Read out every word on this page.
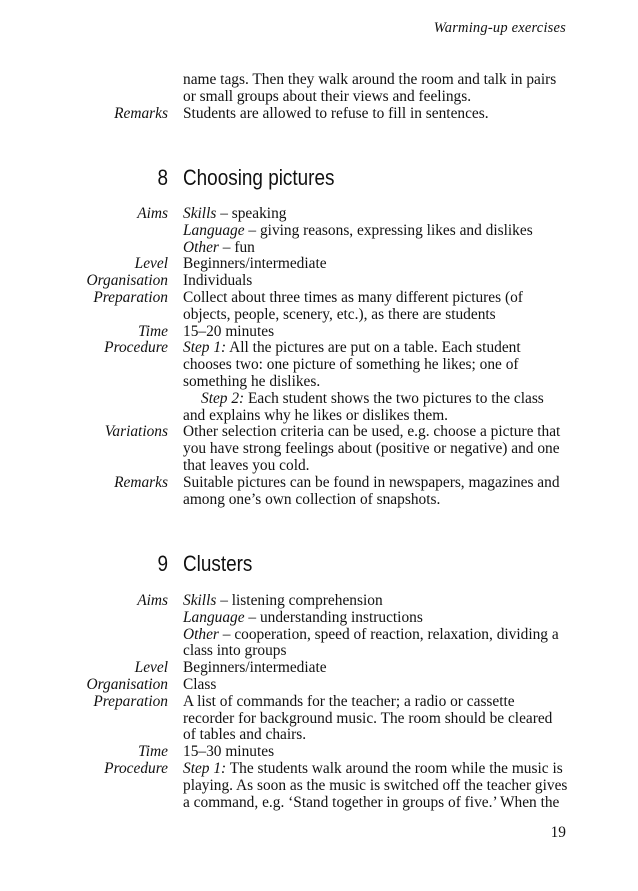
Warming-up exercises
name tags. Then they walk around the room and talk in pairs
or small groups about their views and feelings.
Remarks Students are allowed to refuse to fill in sentences.
8 Choosing pictures
Aims Skills – speaking
Language – giving reasons, expressing likes and dislikes
Other – fun
Level Beginners/intermediate
Organisation Individuals
Preparation Collect about three times as many different pictures (of
objects, people, scenery, etc.), as there are students
Time 15–20 minutes
Procedure Step 1: All the pictures are put on a table. Each student
chooses two: one picture of something he likes; one of
something he dislikes.
Step 2: Each student shows the two pictures to the class
and explains why he likes or dislikes them.
Variations Other selection criteria can be used, e.g. choose a picture that
you have strong feelings about (positive or negative) and one
that leaves you cold.
Remarks Suitable pictures can be found in newspapers, magazines and
among one’s own collection of snapshots.
9 Clusters
Aims Skills – listening comprehension
Language – understanding instructions
Other – cooperation, speed of reaction, relaxation, dividing a
class into groups
Level Beginners/intermediate
Organisation Class
Preparation A list of commands for the teacher; a radio or cassette
recorder for background music. The room should be cleared
of tables and chairs.
Time 15–30 minutes
Procedure Step 1: The students walk around the room while the music is
playing. As soon as the music is switched off the teacher gives
a command, e.g. ‘Stand together in groups of five.’ When the
19
